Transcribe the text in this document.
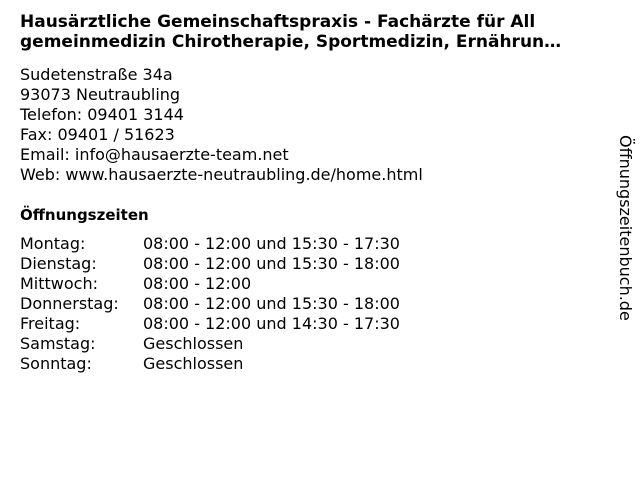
Hausärztliche Gemeinschaftspraxis - Fachärzte für All
gemeinmedizin Chirotherapie, Sportmedizin, Ernährun…
Sudetenstraße 34a
93073 Neutraubling
Telefon: 09401 3144
Fax: 09401 / 51623
Email: info@hausaerzte-team.net
Web: www.hausaerzte-neutraubling.de/home.html
Öffnungszeiten
Montag:	08:00 - 12:00 und 15:30 - 17:30
Dienstag:	08:00 - 12:00 und 15:30 - 18:00
Mittwoch:	08:00 - 12:00
Donnerstag:	08:00 - 12:00 und 15:30 - 18:00
Freitag:	08:00 - 12:00 und 14:30 - 17:30
Samstag:	Geschlossen
Sonntag:	Geschlossen
Öffnungszeitenbuch.de
